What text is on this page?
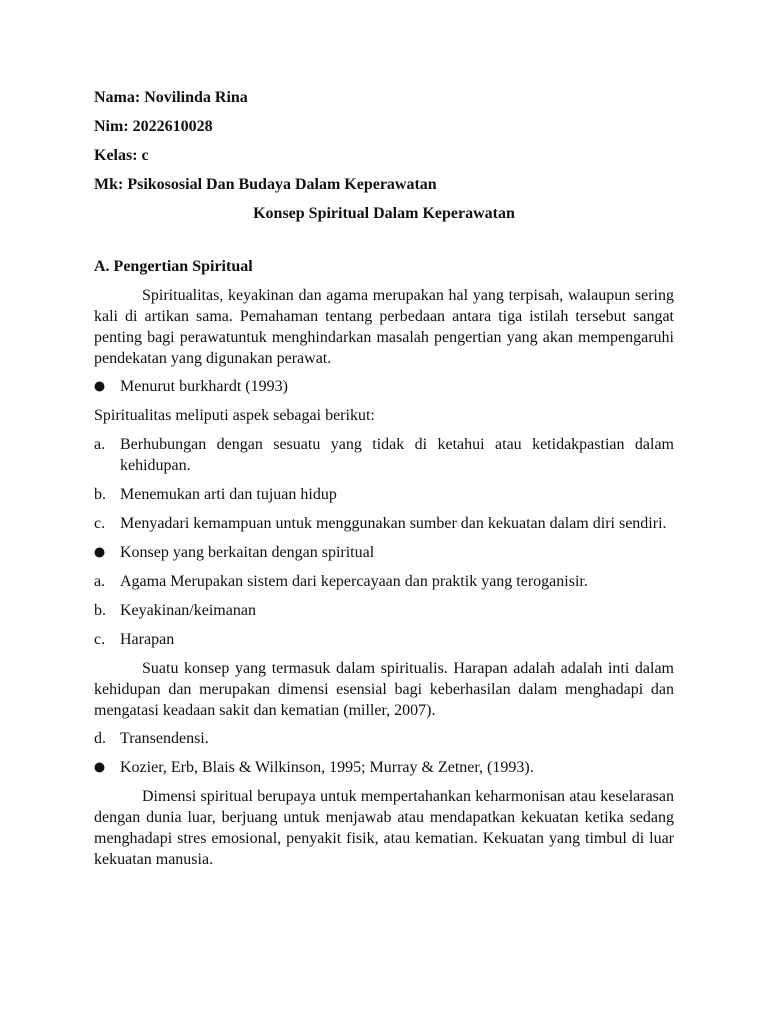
Nama: Novilinda Rina
Nim: 2022610028
Kelas: c
Mk: Psikososial Dan Budaya Dalam Keperawatan
Konsep Spiritual Dalam Keperawatan
A. Pengertian Spiritual

Spiritualitas, keyakinan dan agama merupakan hal yang terpisah, walaupun sering kali di artikan sama. Pemahaman tentang perbedaan antara tiga istilah tersebut sangat penting bagi perawatuntuk menghindarkan masalah pengertian yang akan mempengaruhi pendekatan yang digunakan perawat.

Menurut burkhardt (1993)
Spiritualitas meliputi aspek sebagai berikut:
a. Berhubungan dengan sesuatu yang tidak di ketahui atau ketidakpastian dalam kehidupan.
b. Menemukan arti dan tujuan hidup
c. Menyadari kemampuan untuk menggunakan sumber dan kekuatan dalam diri sendiri.
Konsep yang berkaitan dengan spiritual
a. Agama Merupakan sistem dari kepercayaan dan praktik yang teroganisir.
b. Keyakinan/keimanan
c. Harapan

Suatu konsep yang termasuk dalam spiritualis. Harapan adalah adalah inti dalam kehidupan dan merupakan dimensi esensial bagi keberhasilan dalam menghadapi dan mengatasi keadaan sakit dan kematian (miller, 2007).

d. Transendensi.
Kozier, Erb, Blais & Wilkinson, 1995; Murray & Zetner, (1993).

Dimensi spiritual berupaya untuk mempertahankan keharmonisan atau keselarasan dengan dunia luar, berjuang untuk menjawab atau mendapatkan kekuatan ketika sedang menghadapi stres emosional, penyakit fisik, atau kematian. Kekuatan yang timbul di luar kekuatan manusia.
